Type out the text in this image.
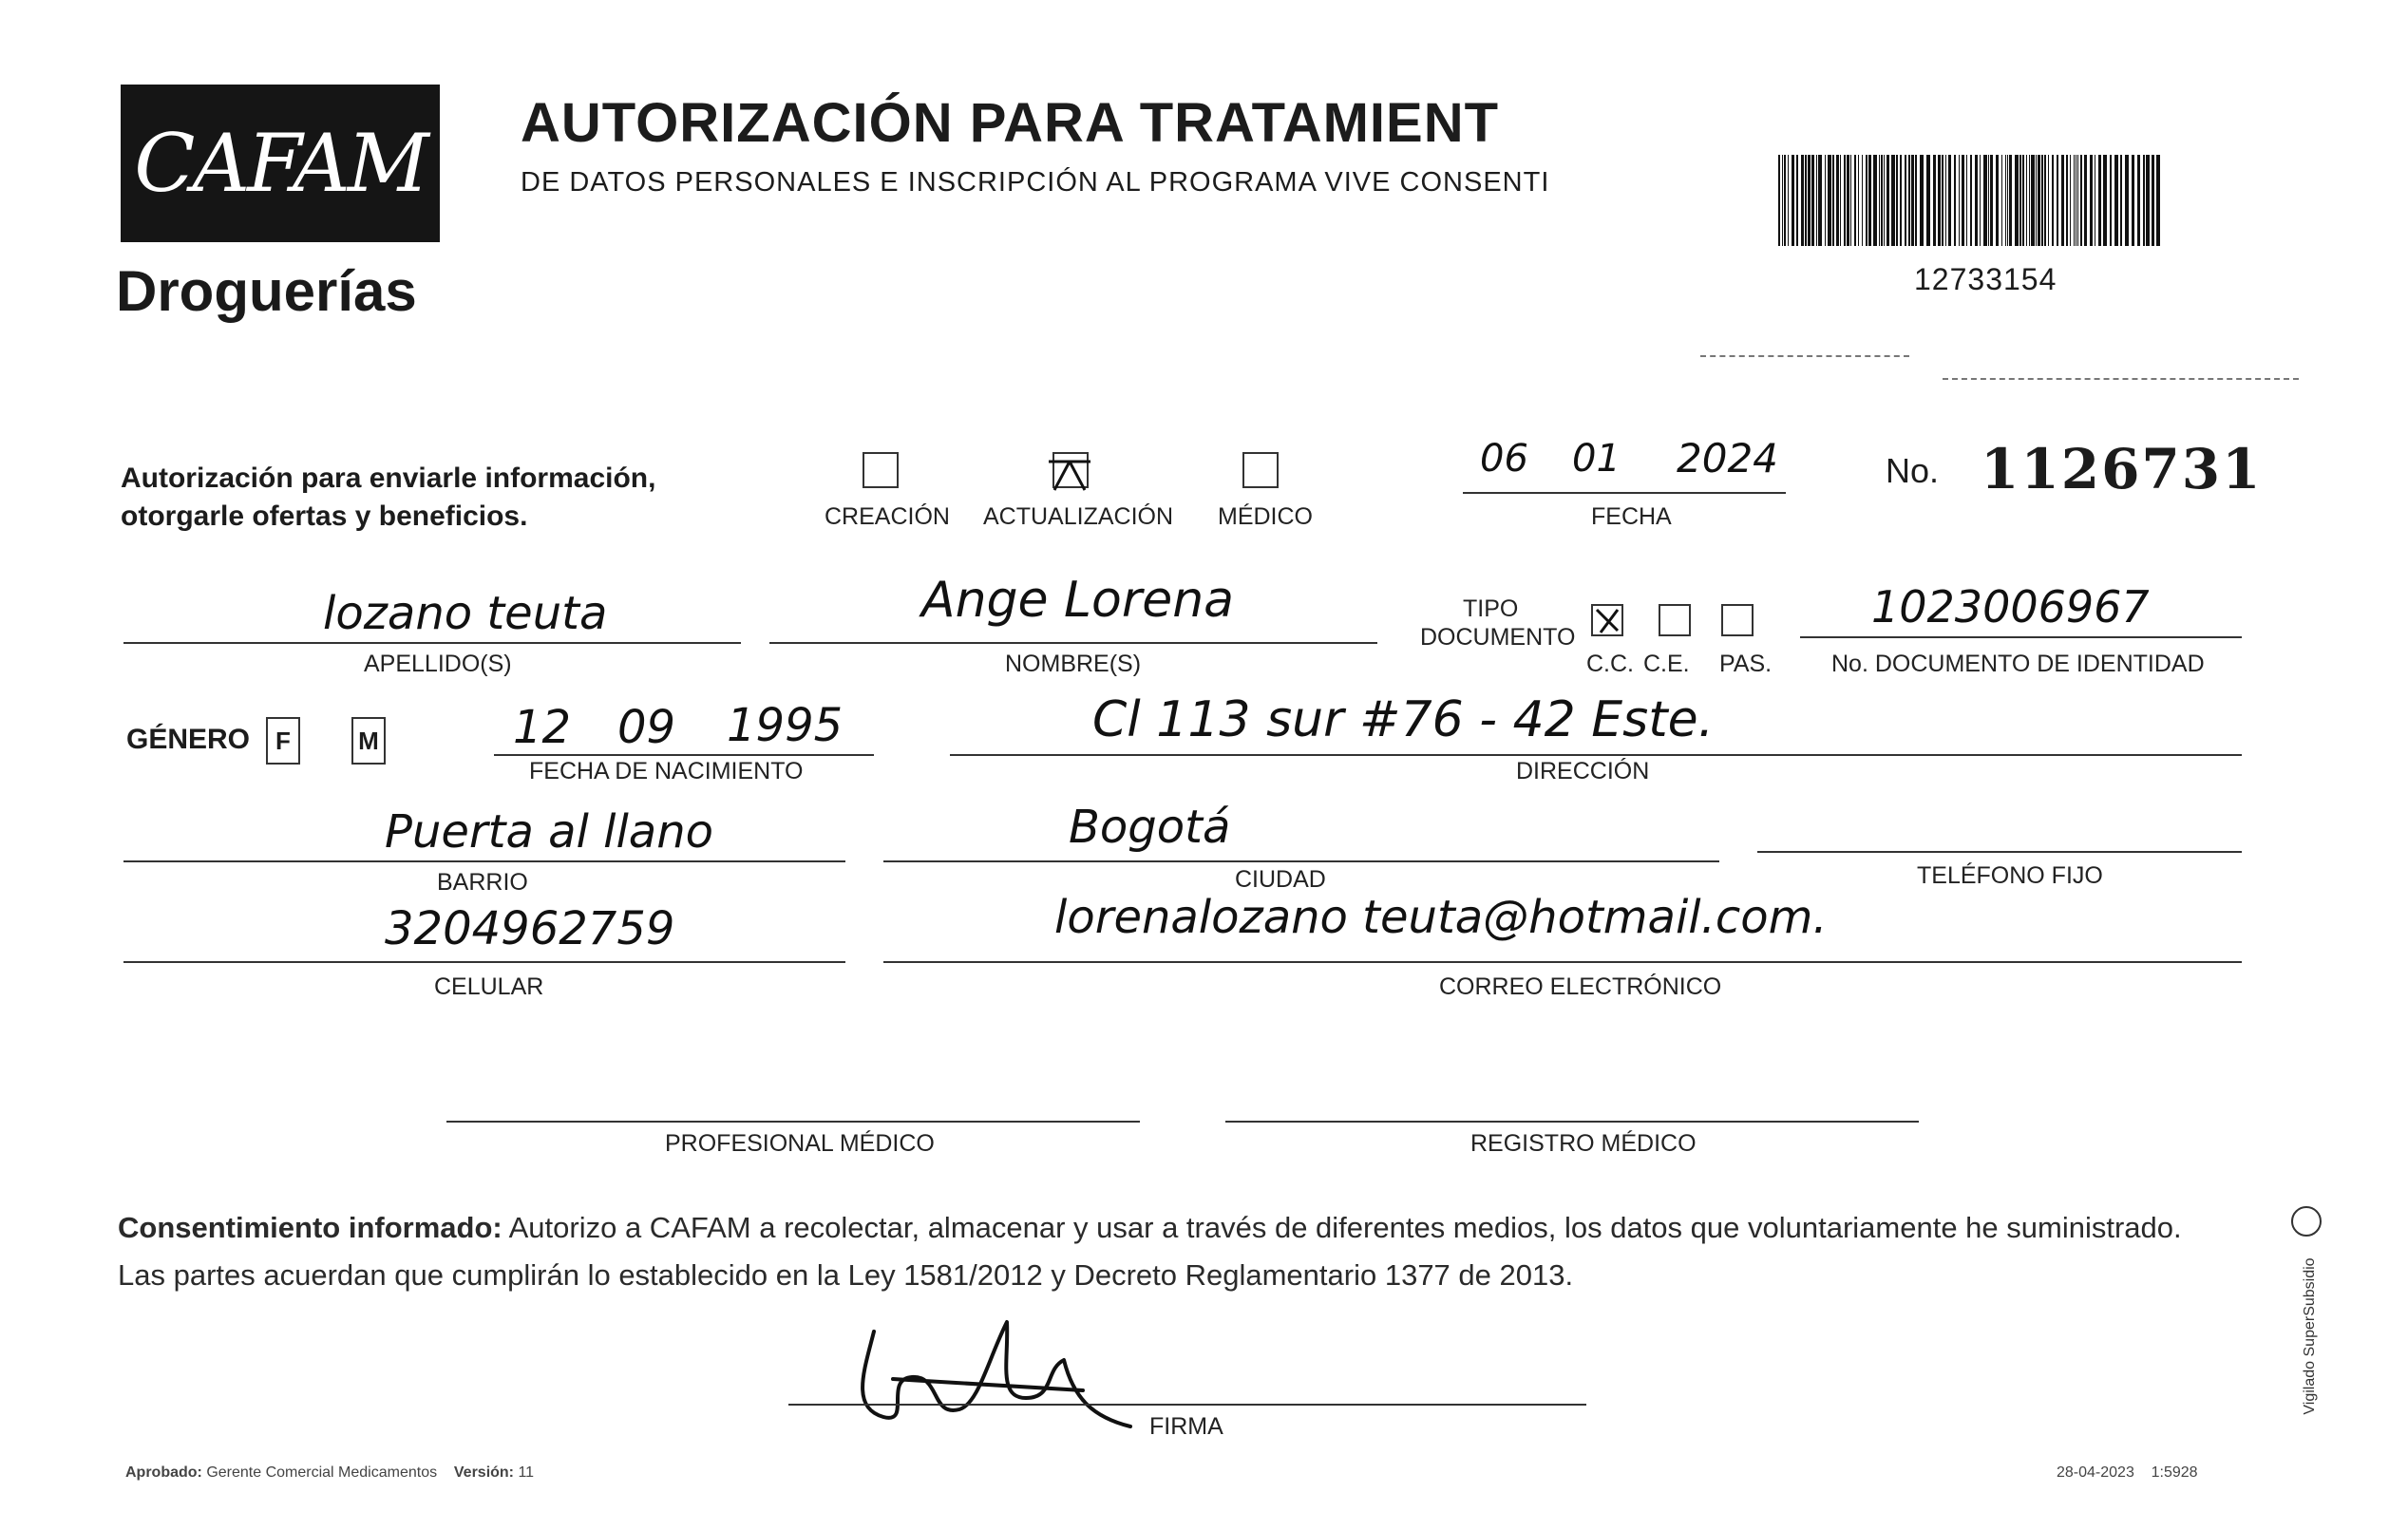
CAFAM
Droguerías
AUTORIZACIÓN PARA TRATAMIENT
DE DATOS PERSONALES E INSCRIPCIÓN AL PROGRAMA VIVE CONSENTI
12733154
Autorización para enviarle información,
otorgarle ofertas y beneficios.	CREACIÓN ACTUALIZACIÓN MÉDICO
06 01 2024
FECHA
No. 1126731
lozano teuta
APELLIDO(S)
Ange Lorena
NOMBRE(S)
TIPO
DOCUMENTO
C.C. C.E. PAS.
1023006967
No. DOCUMENTO DE IDENTIDAD
GÉNERO F	M	12 09 1995
FECHA DE NACIMIENTO
Cl 113 sur #76 - 42 Este.
DIRECCIÓN
Puerta al llano
BARRIO
Bogotá
CIUDAD	TELÉFONO FIJO
3204962759
CELULAR
lorenalozano teuta@hotmail.com.
CORREO ELECTRÓNICO
PROFESIONAL MÉDICO	REGISTRO MÉDICO
Consentimiento informado: Autorizo a CAFAM a recolectar, almacenar y usar a través de diferentes medios, los datos que voluntariamente he suministrado.
Las partes acuerdan que cumplirán lo establecido en la Ley 1581/2012 y Decreto Reglamentario 1377 de 2013.
FIRMA
Aprobado: Gerente Comercial Medicamentos Versión: 11	28-04-2023 1:5928
Vigilado SuperSubsidio
